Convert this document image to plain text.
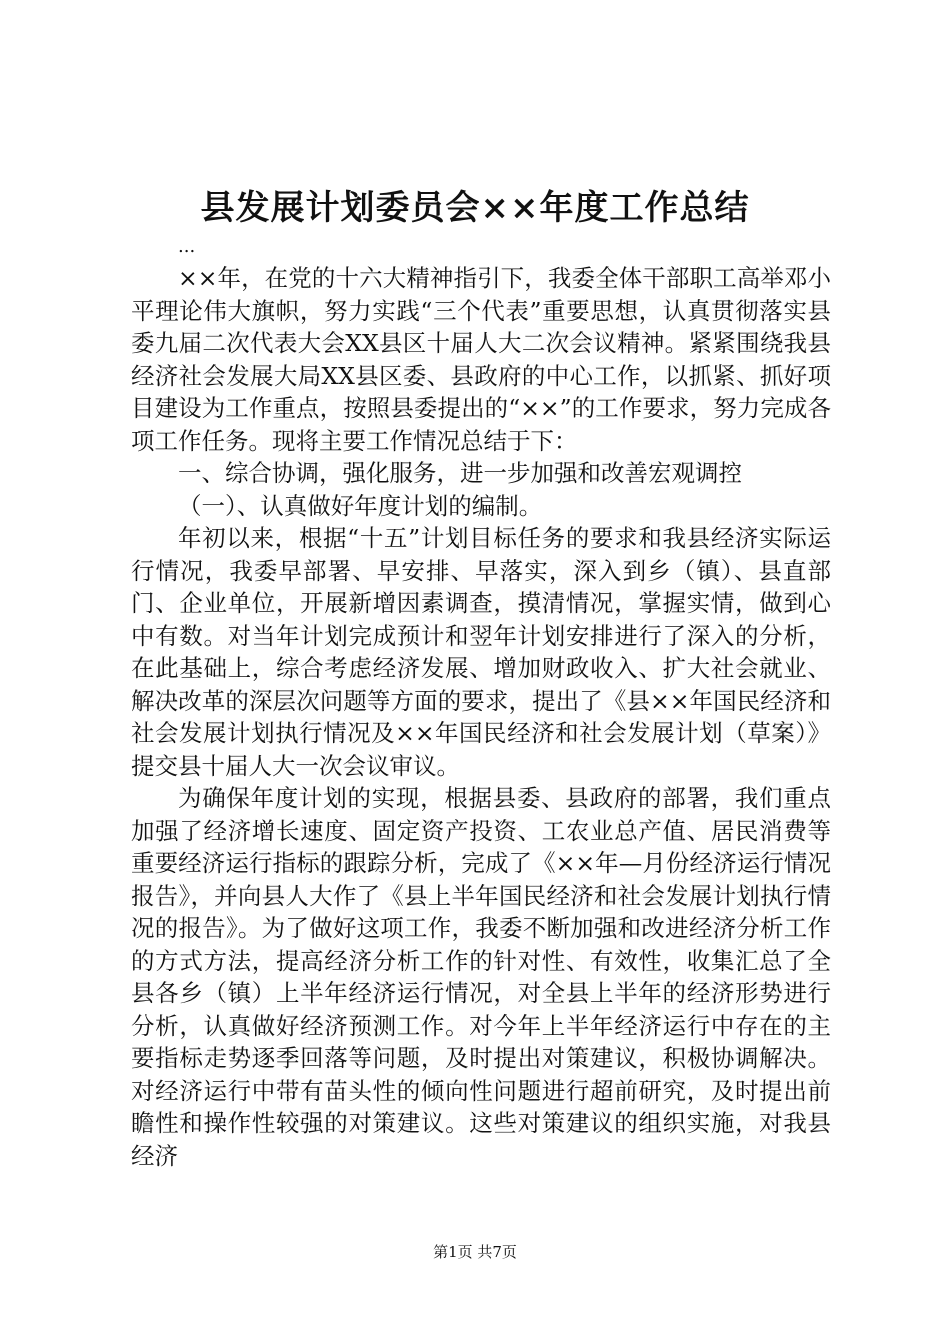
县发展计划委员会××年度工作总结
...

××年，在党的十六大精神指引下，我委全体干部职工高举邓小平理论伟大旗帜，努力实践“三个代表”重要思想，认真贯彻落实县委九届二次代表大会XX县区十届人大二次会议精神。紧紧围绕我县经济社会发展大局XX县区委、县政府的中心工作，以抓紧、抓好项目建设为工作重点，按照县委提出的“××”的工作要求，努力完成各项工作任务。现将主要工作情况总结于下：

一、综合协调，强化服务，进一步加强和改善宏观调控

（一）、认真做好年度计划的编制。

年初以来，根据“十五”计划目标任务的要求和我县经济实际运行情况，我委早部署、早安排、早落实，深入到乡（镇）、县直部门、企业单位，开展新增因素调查，摸清情况，掌握实情，做到心中有数。对当年计划完成预计和翌年计划安排进行了深入的分析，在此基础上，综合考虑经济发展、增加财政收入、扩大社会就业、解决改革的深层次问题等方面的要求，提出了《县××年国民经济和社会发展计划执行情况及××年国民经济和社会发展计划（草案）》提交县十届人大一次会议审议。

为确保年度计划的实现，根据县委、县政府的部署，我们重点加强了经济增长速度、固定资产投资、工农业总产值、居民消费等重要经济运行指标的跟踪分析，完成了《××年—月份经济运行情况报告》，并向县人大作了《县上半年国民经济和社会发展计划执行情况的报告》。为了做好这项工作，我委不断加强和改进经济分析工作的方式方法，提高经济分析工作的针对性、有效性，收集汇总了全县各乡（镇）上半年经济运行情况，对全县上半年的经济形势进行分析，认真做好经济预测工作。对今年上半年经济运行中存在的主要指标走势逐季回落等问题，及时提出对策建议，积极协调解决。对经济运行中带有苗头性的倾向性问题进行超前研究，及时提出前瞻性和操作性较强的对策建议。这些对策建议的组织实施，对我县经济

第1页 共7页
